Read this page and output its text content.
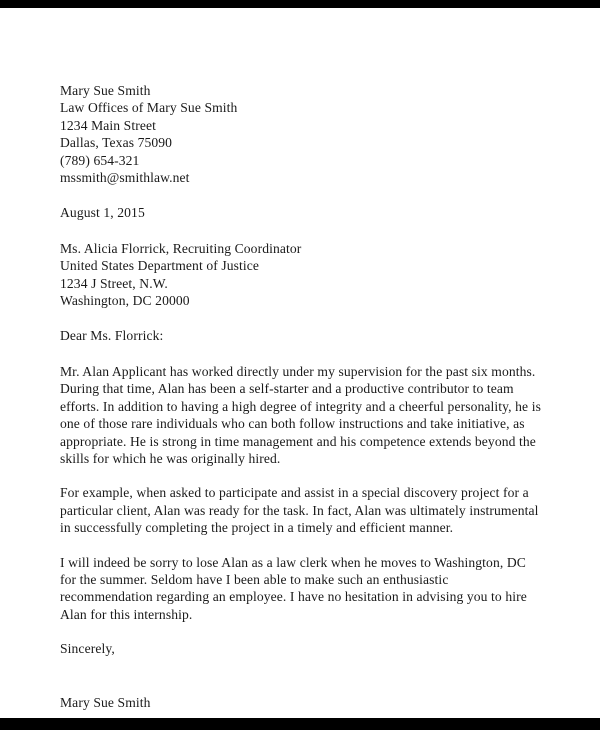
Mary Sue Smith
Law Offices of Mary Sue Smith
1234 Main Street
Dallas, Texas 75090
(789) 654-321
mssmith@smithlaw.net
August 1, 2015
Ms. Alicia Florrick, Recruiting Coordinator
United States Department of Justice
1234 J Street, N.W.
Washington, DC 20000
Dear Ms. Florrick:

Mr. Alan Applicant has worked directly under my supervision for the past six months. During that time, Alan has been a self-starter and a productive contributor to team efforts. In addition to having a high degree of integrity and a cheerful personality, he is one of those rare individuals who can both follow instructions and take initiative, as appropriate. He is strong in time management and his competence extends beyond the skills for which he was originally hired.

For example, when asked to participate and assist in a special discovery project for a particular client, Alan was ready for the task. In fact, Alan was ultimately instrumental in successfully completing the project in a timely and efficient manner.

I will indeed be sorry to lose Alan as a law clerk when he moves to Washington, DC for the summer. Seldom have I been able to make such an enthusiastic recommendation regarding an employee. I have no hesitation in advising you to hire Alan for this internship.

Sincerely,
Mary Sue Smith
